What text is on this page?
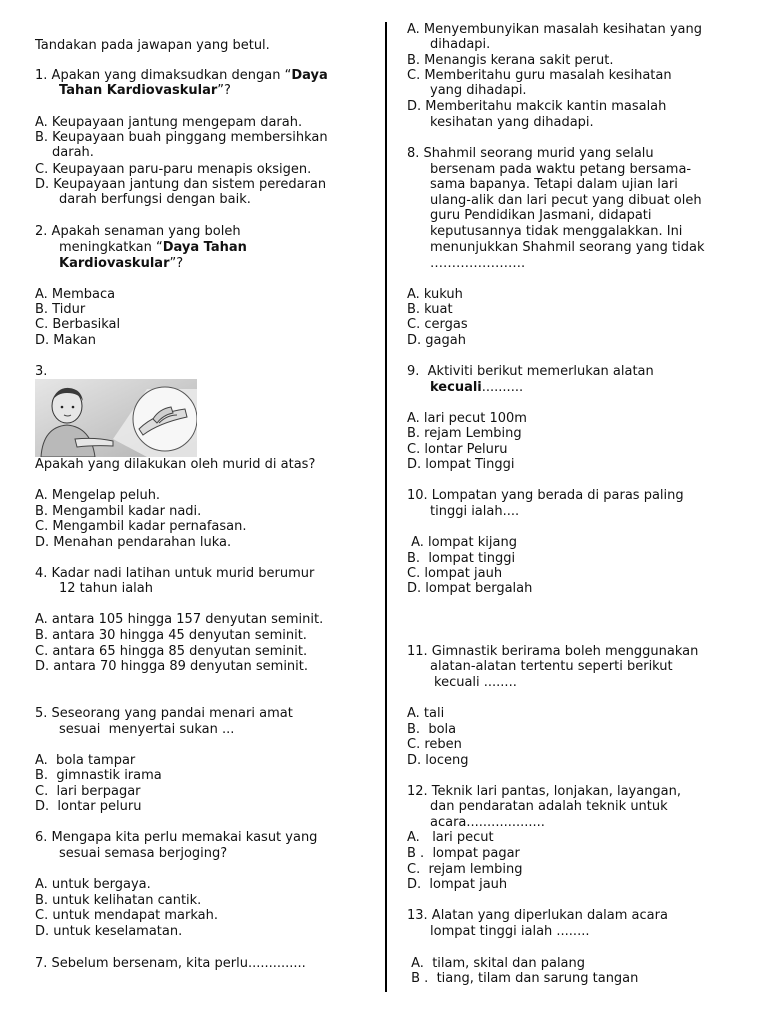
Tandakan pada jawapan yang betul.
1. Apakan yang dimaksudkan dengan “Daya
Tahan Kardiovaskular”?
A. Keupayaan jantung mengepam darah.
B. Keupayaan buah pinggang membersihkan
darah.
C. Keupayaan paru-paru menapis oksigen.
D. Keupayaan jantung dan sistem peredaran
darah berfungsi dengan baik.
2. Apakah senaman yang boleh
meningkatkan “Daya Tahan
Kardiovaskular”?
A. Membaca
B. Tidur
C. Berbasikal
D. Makan
3.
Apakah yang dilakukan oleh murid di atas?
A. Mengelap peluh.
B. Mengambil kadar nadi.
C. Mengambil kadar pernafasan.
D. Menahan pendarahan luka.
4. Kadar nadi latihan untuk murid berumur
12 tahun ialah
A. antara 105 hingga 157 denyutan seminit.
B. antara 30 hingga 45 denyutan seminit.
C. antara 65 hingga 85 denyutan seminit.
D. antara 70 hingga 89 denyutan seminit.
5. Seseorang yang pandai menari amat
sesuai  menyertai sukan ...
A.  bola tampar
B.  gimnastik irama
C.  lari berpagar
D.  lontar peluru
6. Mengapa kita perlu memakai kasut yang
sesuai semasa berjoging?
A. untuk bergaya.
B. untuk kelihatan cantik.
C. untuk mendapat markah.
D. untuk keselamatan.
7. Sebelum bersenam, kita perlu..............
A. Menyembunyikan masalah kesihatan yang
dihadapi.
B. Menangis kerana sakit perut.
C. Memberitahu guru masalah kesihatan
yang dihadapi.
D. Memberitahu makcik kantin masalah
kesihatan yang dihadapi.
8. Shahmil seorang murid yang selalu
bersenam pada waktu petang bersama-
sama bapanya. Tetapi dalam ujian lari
ulang-alik dan lari pecut yang dibuat oleh
guru Pendidikan Jasmani, didapati
keputusannya tidak menggalakkan. Ini
menunjukkan Shahmil seorang yang tidak
………………….
A. kukuh
B. kuat
C. cergas
D. gagah
9.  Aktiviti berikut memerlukan alatan
kecuali..........
A. lari pecut 100m
B. rejam Lembing
C. lontar Peluru
D. lompat Tinggi
10. Lompatan yang berada di paras paling
tinggi ialah....
A. lompat kijang
B.  lompat tinggi
C. lompat jauh
D. lompat bergalah
11. Gimnastik berirama boleh menggunakan
alatan-alatan tertentu seperti berikut
kecuali ........
A. tali
B.  bola
C. reben
D. loceng
12. Teknik lari pantas, lonjakan, layangan,
dan pendaratan adalah teknik untuk
acara...................
A.   lari pecut
B .  lompat pagar
C.  rejam lembing
D.  lompat jauh
13. Alatan yang diperlukan dalam acara
lompat tinggi ialah ........
A.  tilam, skital dan palang
B .  tiang, tilam dan sarung tangan
